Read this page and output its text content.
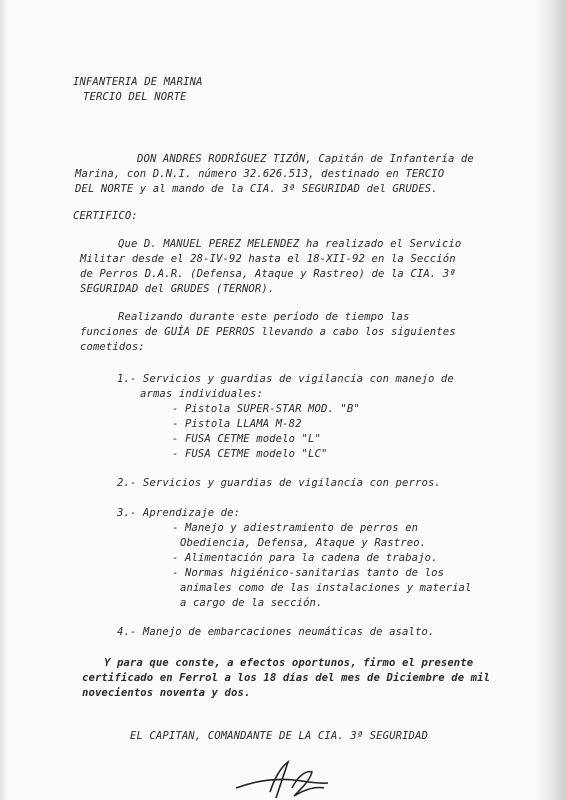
INFANTERIA DE MARINA
TERCIO DEL NORTE
DON ANDRES RODRÍGUEZ TIZÓN, Capitán de Infantería de
Marina, con D.N.I. número 32.626.513, destinado en TERCIO
DEL NORTE y al mando de la CIA. 3ª SEGURIDAD del GRUDES.
CERTIFICO:
Que D. MANUEL PEREZ MELENDEZ ha realizado el Servicio
Militar desde el 28-IV-92 hasta el 18-XII-92 en la Sección
de Perros D.A.R. (Defensa, Ataque y Rastreo) de la CIA. 3ª
SEGURIDAD del GRUDES (TERNOR).
Realizando durante este período de tiempo las
funciones de GUÍA DE PERROS llevando a cabo los siguientes
cometidos:
1.- Servicios y guardias de vigilancia con manejo de
armas individuales:
- Pistola SUPER-STAR MOD. "B"
- Pistola LLAMA M-82
- FUSA CETME modelo "L"
- FUSA CETME modelo "LC"
2.- Servicios y guardias de vigilancia con perros.
3.- Aprendizaje de:
- Manejo y adiestramiento de perros en
Obediencia, Defensa, Ataque y Rastreo.
- Alimentación para la cadena de trabajo.
- Normas higiénico-sanitarias tanto de los
animales como de las instalaciones y material
a cargo de la sección.
4.- Manejo de embarcaciones neumáticas de asalto.
Y para que conste, a efectos oportunos, firmo el presente
certificado en Ferrol a los 18 días del mes de Diciembre de mil
novecientos noventa y dos.
EL CAPITAN, COMANDANTE DE LA CIA. 3ª SEGURIDAD
